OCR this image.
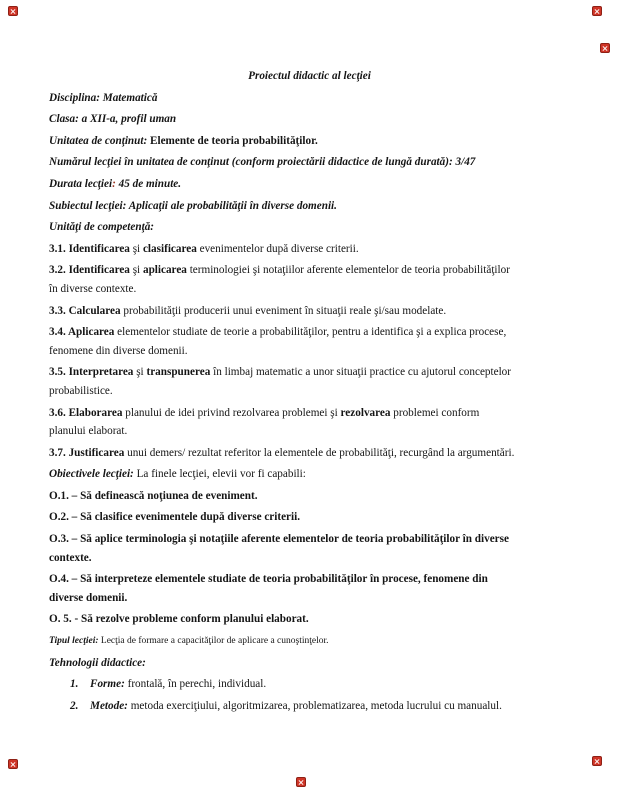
Proiectul didactic al lecţiei

Disciplina: Matematică

Clasa: a XII-a, profil uman

Unitatea de conţinut: Elemente de teoria probabilităţilor.

Numărul lecţiei în unitatea de conţinut (conform proiectării didactice de lungă durată): 3/47

Durata lecţiei: 45 de minute.

Subiectul lecţiei: Aplicaţii ale probabilităţii în diverse domenii.

Unităţi de competenţă:

3.1. Identificarea şi clasificarea evenimentelor după diverse criterii.

3.2. Identificarea şi aplicarea terminologiei şi notaţiilor aferente elementelor de teoria probabilităţilor
în diverse contexte.

3.3. Calcularea probabilităţii producerii unui eveniment în situaţii reale şi/sau modelate.

3.4. Aplicarea elementelor studiate de teorie a probabilităţilor, pentru a identifica şi a explica procese,
fenomene din diverse domenii.

3.5. Interpretarea şi transpunerea în limbaj matematic a unor situaţii practice cu ajutorul conceptelor
probabilistice.

3.6. Elaborarea planului de idei privind rezolvarea problemei şi rezolvarea problemei conform
planului elaborat.

3.7. Justificarea unui demers/ rezultat referitor la elementele de probabilităţi, recurgând la argumentări.

Obiectivele lecţiei: La finele lecţiei, elevii vor fi capabili:

O.1. – Să definească noţiunea de eveniment.

O.2. – Să clasifice evenimentele după diverse criterii.

O.3. – Să aplice terminologia şi notaţiile aferente elementelor de teoria probabilităţilor în diverse
contexte.

O.4. – Să interpreteze elementele studiate de teoria probabilităţilor în procese, fenomene din
diverse domenii.

O. 5. - Să rezolve probleme conform planului elaborat.

Tipul lecţiei: Lecţia de formare a capacităţilor de aplicare a cunoştinţelor.

Tehnologii didactice:

1. Forme: frontală, în perechi, individual.

2. Metode: metoda exerciţiului, algoritmizarea, problematizarea, metoda lucrului cu manualul.
